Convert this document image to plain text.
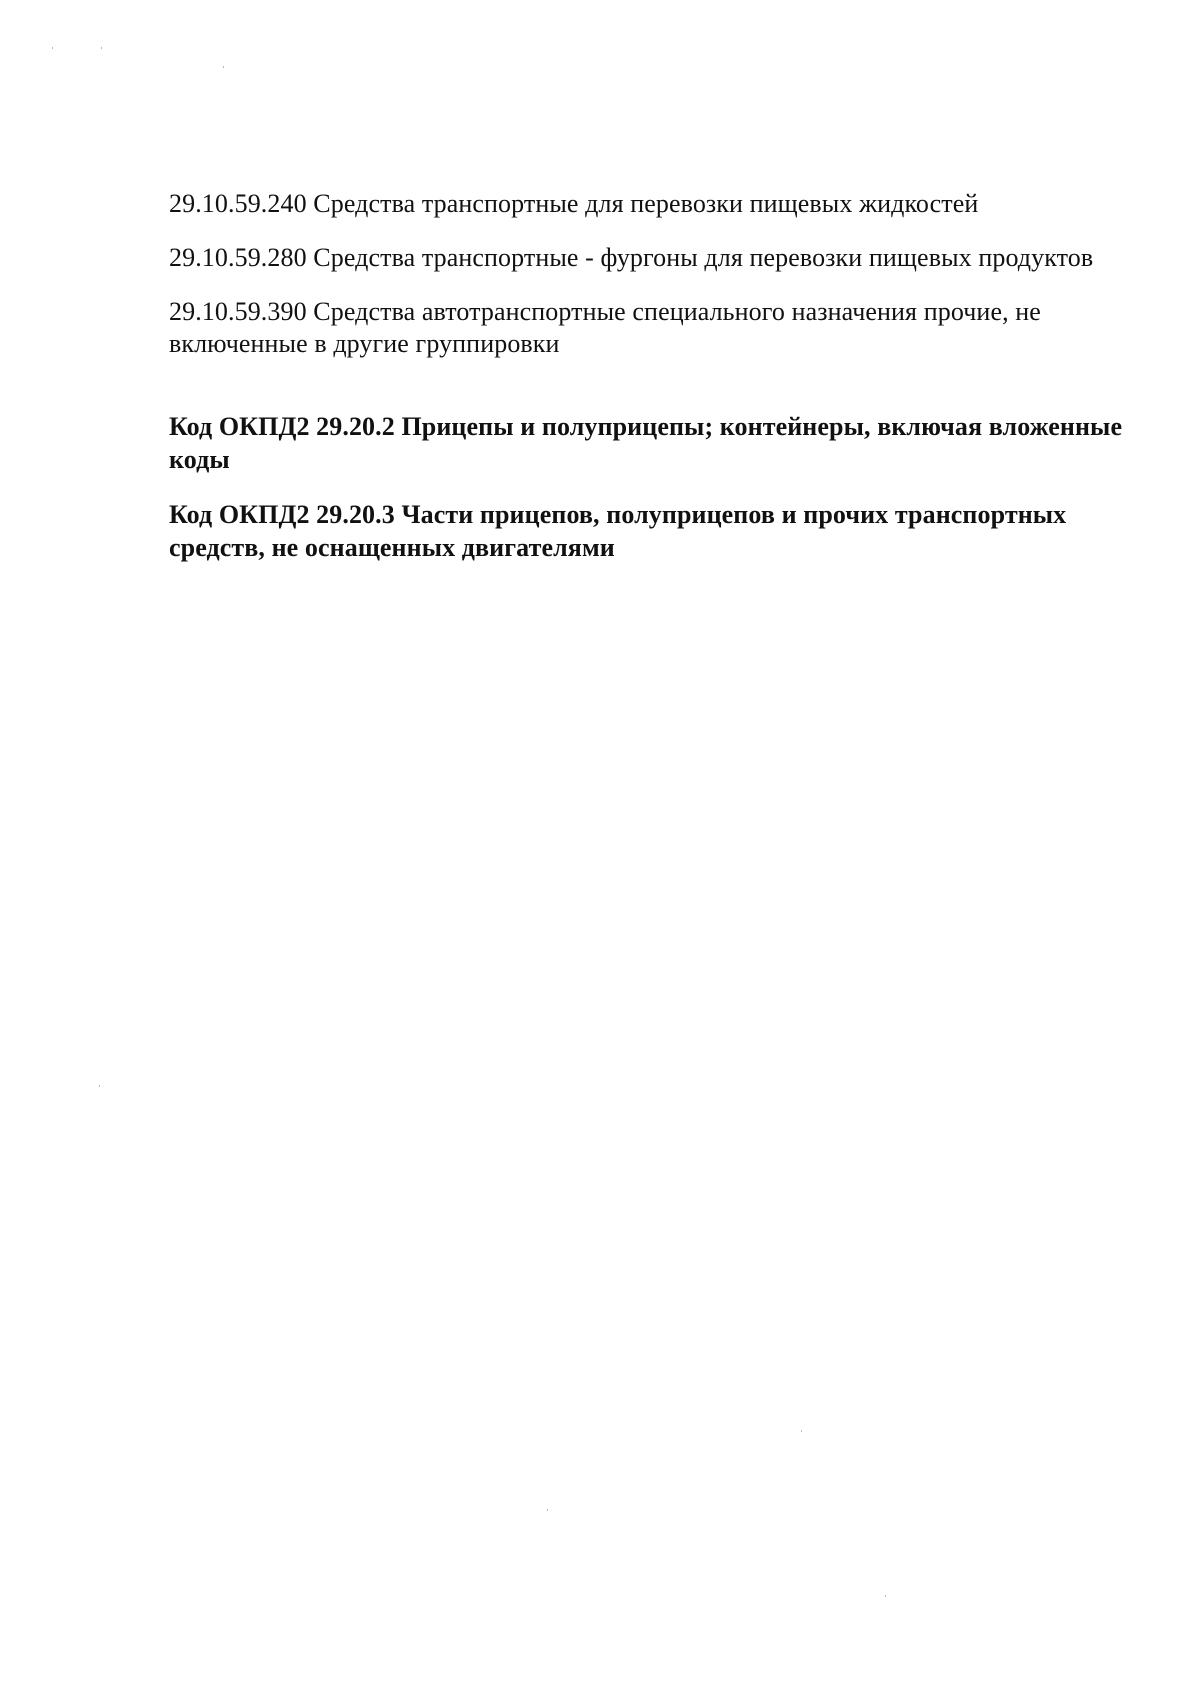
29.10.59.240 Средства транспортные для перевозки пищевых жидкостей

29.10.59.280 Средства транспортные - фургоны для перевозки пищевых продуктов

29.10.59.390 Средства автотранспортные специального назначения прочие, не включенные в другие группировки

Код ОКПД2 29.20.2 Прицепы и полуприцепы; контейнеры, включая вложенные коды

Код ОКПД2 29.20.3 Части прицепов, полуприцепов и прочих транспортных средств, не оснащенных двигателями
